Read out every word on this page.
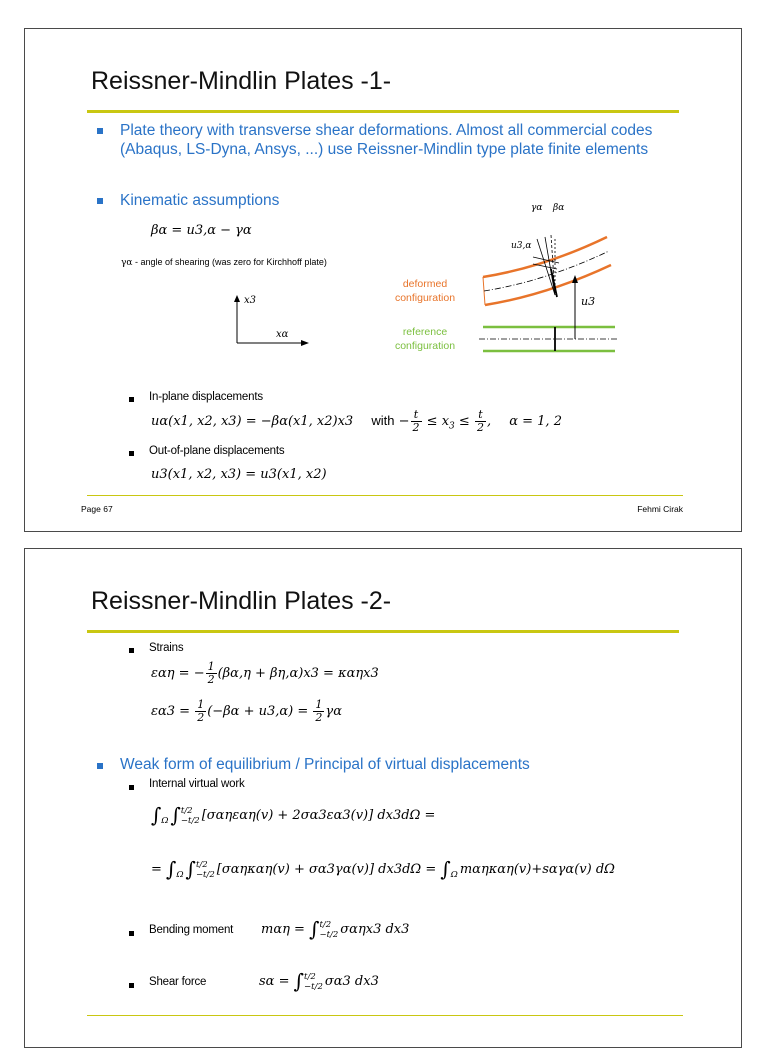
Reissner-Mindlin Plates -1-
Plate theory with transverse shear deformations. Almost all commercial codes (Abaqus, LS-Dyna, Ansys, ...) use Reissner-Mindlin type plate finite elements
Kinematic assumptions
βα = u3,α − γα
γα - angle of shearing (was zero for Kirchhoff plate)
x3
xα
γα βα
u3,α
u3
deformed configuration
reference configuration
In-plane displacements
uα(x1, x2, x3) = −βα(x1, x2)x3 with − $\frac{t}{2} \le x_3 \le \frac{t}{2}$ , α = 1, 2
Out-of-plane displacements
u3(x1, x2, x3) = u3(x1, x2)
Page 67	Fehmi Cirak
Reissner-Mindlin Plates -2-
Strains
εαη = − $\frac{1}{2} (\beta\alpha,\eta + \beta\eta,\alpha)x3 = \kappa\alpha\eta x3$
$\varepsilon\alpha 3 = \frac{1}{2} (-\beta\alpha + u3,\alpha) = \frac{1}{2}$ γα
Weak form of equilibrium / Principal of virtual displacements
Internal virtual work
∫
Ω ∫ t/2
−t/2 [σαηεαη(v) + 2σα3εα3(v)] dx3dΩ =
= ∫
Ω ∫ t/2
−t/2 [σαηκαη(v) + σα3γα(v)] dx3dΩ = ∫
Ω mαηκαη(v)+sαγα(v) dΩ
Bending moment mαη = ∫ t/2
−t/2 σαηx3 dx3
Shear force	sα = ∫ t/2
−t/2 σα3 dx3
